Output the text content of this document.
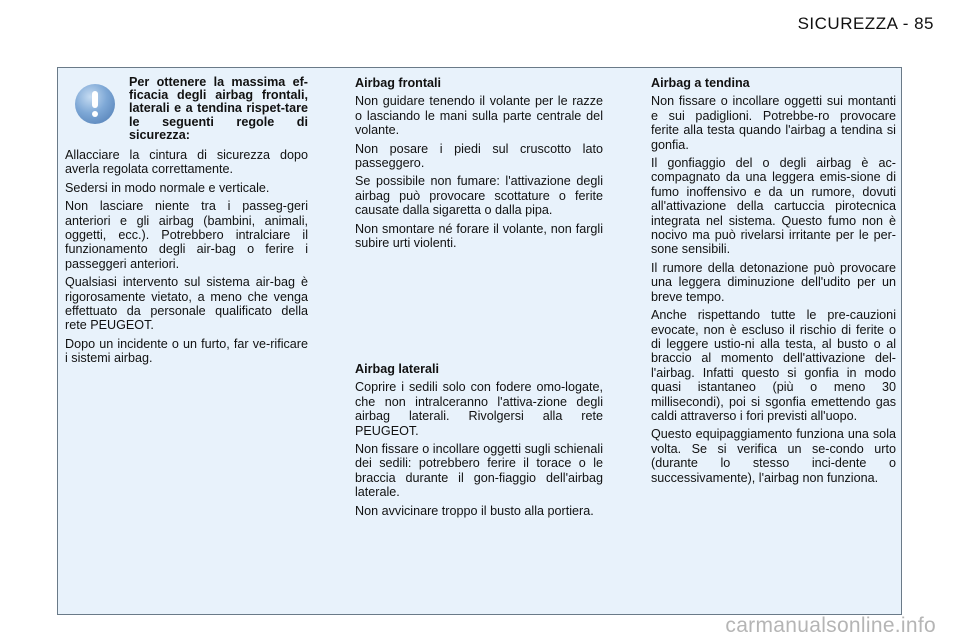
SICUREZZA - 85
Per ottenere la massima ef-ficacia degli airbag frontali, laterali e a tendina rispet-tare le seguenti regole di sicurezza:

Allacciare la cintura di sicurezza dopo averla regolata correttamente.

Sedersi in modo normale e verticale.

Non lasciare niente tra i passeg-geri anteriori e gli airbag (bambini, animali, oggetti, ecc.). Potrebbero intralciare il funzionamento degli air-bag o ferire i passeggeri anteriori.

Qualsiasi intervento sul sistema air-bag è rigorosamente vietato, a meno che venga effettuato da personale qualificato della rete PEUGEOT.

Dopo un incidente o un furto, far ve-rificare i sistemi airbag.

Airbag frontali

Non guidare tenendo il volante per le razze o lasciando le mani sulla parte centrale del volante.

Non posare i piedi sul cruscotto lato passeggero.

Se possibile non fumare: l'attivazione degli airbag può provocare scottature o ferite causate dalla sigaretta o dalla pipa.

Non smontare né forare il volante, non fargli subire urti violenti.

Airbag laterali

Coprire i sedili solo con fodere omo-logate, che non intralceranno l'attiva-zione degli airbag laterali. Rivolgersi alla rete PEUGEOT.

Non fissare o incollare oggetti sugli schienali dei sedili: potrebbero ferire il torace o le braccia durante il gon-fiaggio dell'airbag laterale.

Non avvicinare troppo il busto alla portiera.

Airbag a tendina

Non fissare o incollare oggetti sui montanti e sui padiglioni. Potrebbe-ro provocare ferite alla testa quando l'airbag a tendina si gonfia.

Il gonfiaggio del o degli airbag è ac-compagnato da una leggera emis-sione di fumo inoffensivo e da un rumore, dovuti all'attivazione della cartuccia pirotecnica integrata nel sistema. Questo fumo non è nocivo ma può rivelarsi irritante per le per-sone sensibili.

Il rumore della detonazione può provocare una leggera diminuzione dell'udito per un breve tempo.

Anche rispettando tutte le pre-cauzioni evocate, non è escluso il rischio di ferite o di leggere ustio-ni alla testa, al busto o al braccio al momento dell'attivazione del-l'airbag. Infatti questo si gonfia in modo quasi istantaneo (più o meno 30 millisecondi), poi si sgonfia emettendo gas caldi attraverso i fori previsti all'uopo.

Questo equipaggiamento funziona una sola volta. Se si verifica un se-condo urto (durante lo stesso inci-dente o successivamente), l'airbag non funziona.

carmanualsonline.info
